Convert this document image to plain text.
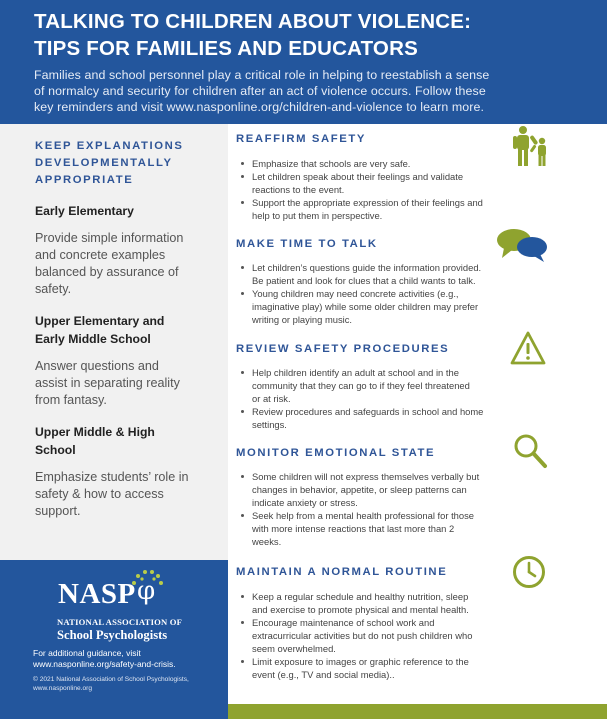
TALKING TO CHILDREN ABOUT VIOLENCE:
TIPS FOR FAMILIES AND EDUCATORS

Families and school personnel play a critical role in helping to reestablish a sense
of normalcy and security for children after an act of violence occurs. Follow these
key reminders and visit www.nasponline.org/children-and-violence to learn more.

KEEP EXPLANATIONS
DEVELOPMENTALLY
APPROPRIATE
Early Elementary
Provide simple information
and concrete examples
balanced by assurance of
safety.
Upper Elementary and
Early Middle School
Answer questions and
assist in separating reality
from fantasy.
Upper Middle & High
School
Emphasize students’ role in
safety & how to access
support.
NASP φ
NATIONAL ASSOCIATION OF
School Psychologists
For additional guidance, visit
www.nasponline.org/safety-and-crisis.
© 2021 National Association of School Psychologists,
www.nasponline.org
REAFFIRM SAFETY
Emphasize that schools are very safe.
Let children speak about their feelings and validate
reactions to the event.
Support the appropriate expression of their feelings and
help to put them in perspective.
MAKE TIME TO TALK
Let children’s questions guide the information provided.
Be patient and look for clues that a child wants to talk.
Young children may need concrete activities (e.g.,
imaginative play) while some older children may prefer
writing or playing music.
REVIEW SAFETY PROCEDURES
Help children identify an adult at school and in the
community that they can go to if they feel threatened
or at risk.
Review procedures and safeguards in school and home
settings.
MONITOR EMOTIONAL STATE
Some children will not express themselves verbally but
changes in behavior, appetite, or sleep patterns can
indicate anxiety or stress.
Seek help from a mental health professional for those
with more intense reactions that last more than 2
weeks.
MAINTAIN A NORMAL ROUTINE
Keep a regular schedule and healthy nutrition, sleep
and exercise to promote physical and mental health.
Encourage maintenance of school work and
extracurricular activities but do not push children who
seem overwhelmed.
Limit exposure to images or graphic reference to the
event (e.g., TV and social media)..
